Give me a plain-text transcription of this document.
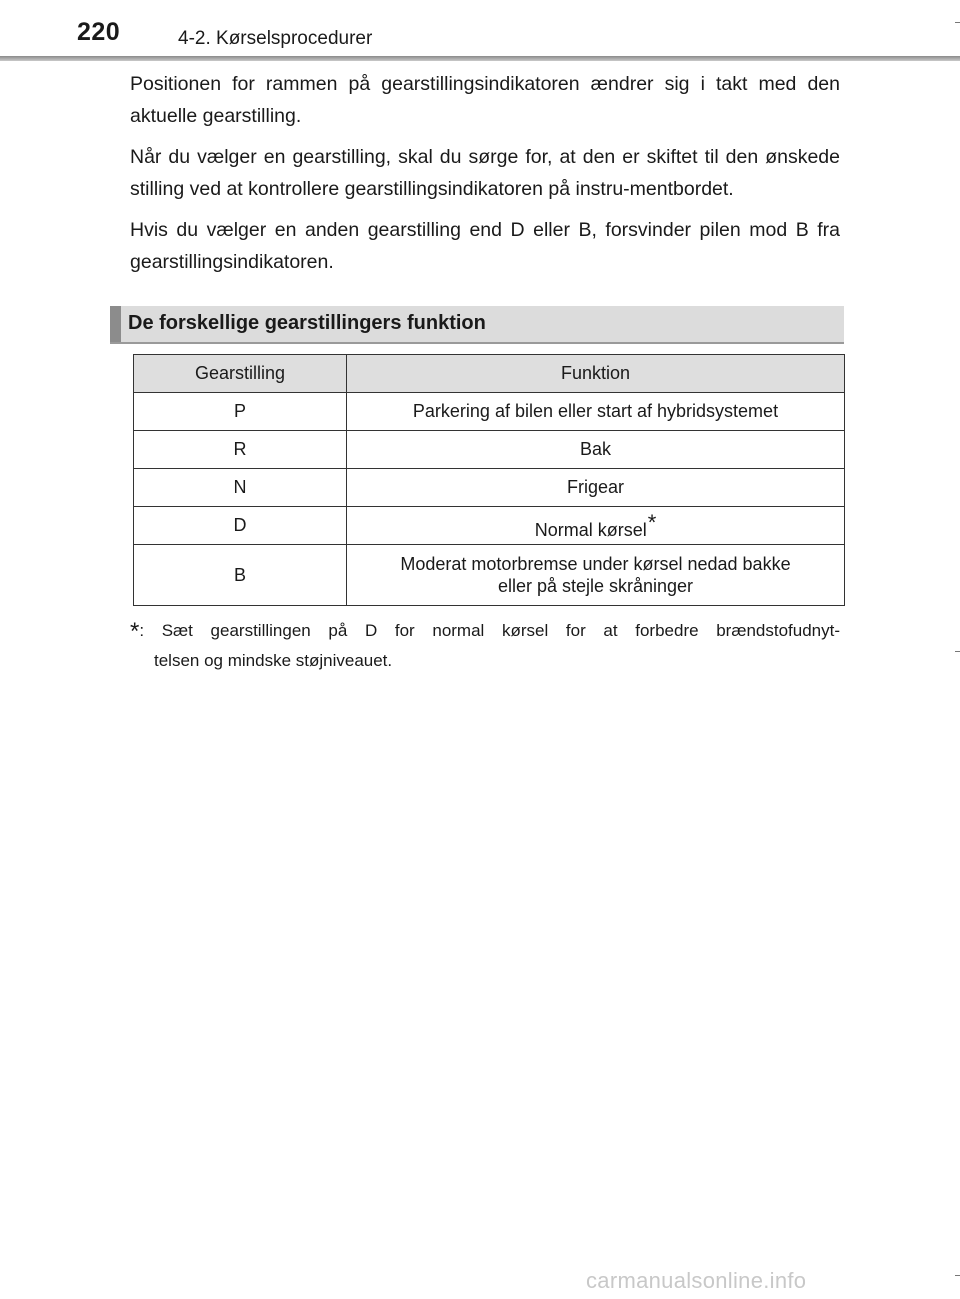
220	4-2. Kørselsprocedurer

Positionen for rammen på gearstillingsindikatoren ændrer sig i takt med den aktuelle gearstilling.

Når du vælger en gearstilling, skal du sørge for, at den er skiftet til den ønskede stilling ved at kontrollere gearstillingsindikatoren på instru-mentbordet.

Hvis du vælger en anden gearstilling end D eller B, forsvinder pilen mod B fra gearstillingsindikatoren.

De forskellige gearstillingers funktion
Gearstilling	Funktion
P	Parkering af bilen eller start af hybridsystemet
R	Bak
N	Frigear
D	Normal kørsel*
B	Moderat motorbremse under kørsel nedad bakke
eller på stejle skråninger
*: Sæt gearstillingen på D for normal kørsel for at forbedre brændstofudnyt-
telsen og mindske støjniveauet.
carmanualsonline.info
